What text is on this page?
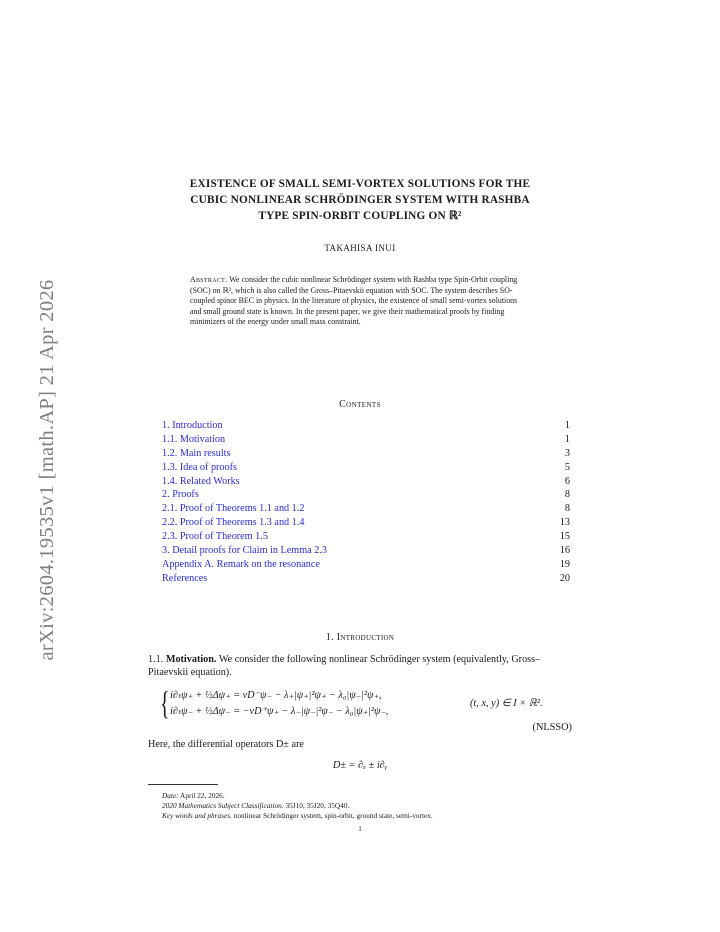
arXiv:2604.19535v1 [math.AP] 21 Apr 2026
EXISTENCE OF SMALL SEMI-VORTEX SOLUTIONS FOR THE
CUBIC NONLINEAR SCHRÖDINGER SYSTEM WITH RASHBA
TYPE SPIN-ORBIT COUPLING ON ℝ²
TAKAHISA INUI
Abstract. We consider the cubic nonlinear Schrödinger system with Rashba type Spin-Orbit coupling (SOC) on ℝ², which is also called the Gross–Pitaevskii equation with SOC. The system describes SO-coupled spinor BEC in physics. In the literature of physics, the existence of small semi-vortex solutions and small ground state is known. In the present paper, we give their mathematical proofs by finding minimizers of the energy under small mass constraint.
Contents
1. Introduction	1
1.1. Motivation	1
1.2. Main results	3
1.3. Idea of proofs	5
1.4. Related Works	6
2. Proofs	8
2.1. Proof of Theorems 1.1 and 1.2	8
2.2. Proof of Theorems 1.3 and 1.4	13
2.3. Proof of Theorem 1.5	15
3. Detail proofs for Claim in Lemma 2.3	16
Appendix A. Remark on the resonance	19
References	20
1. Introduction
1.1. Motivation. We consider the following nonlinear Schrödinger system (equivalently, Gross–Pitaevskii equation).
{ i∂ₜψ₊ + ½Δψ₊ = νD⁻ψ₋ − λ₊|ψ₊|²ψ₊ − λ₀|ψ₋|²ψ₊,
i∂ₜψ₋ + ½Δψ₋ = −νD⁺ψ₊ − λ₋|ψ₋|²ψ₋ − λ₀|ψ₊|²ψ₋,
(t, x, y) ∈ I × ℝ².
(NLSSO)
Here, the differential operators D± are
D± = ∂ₓ ± i∂ᵧ
Date: April 22, 2026.
2020 Mathematics Subject Classification. 35J10, 35J20, 35Q40.
Key words and phrases. nonlinear Schrödinger system, spin-orbit, ground state, semi-vortex.
1
